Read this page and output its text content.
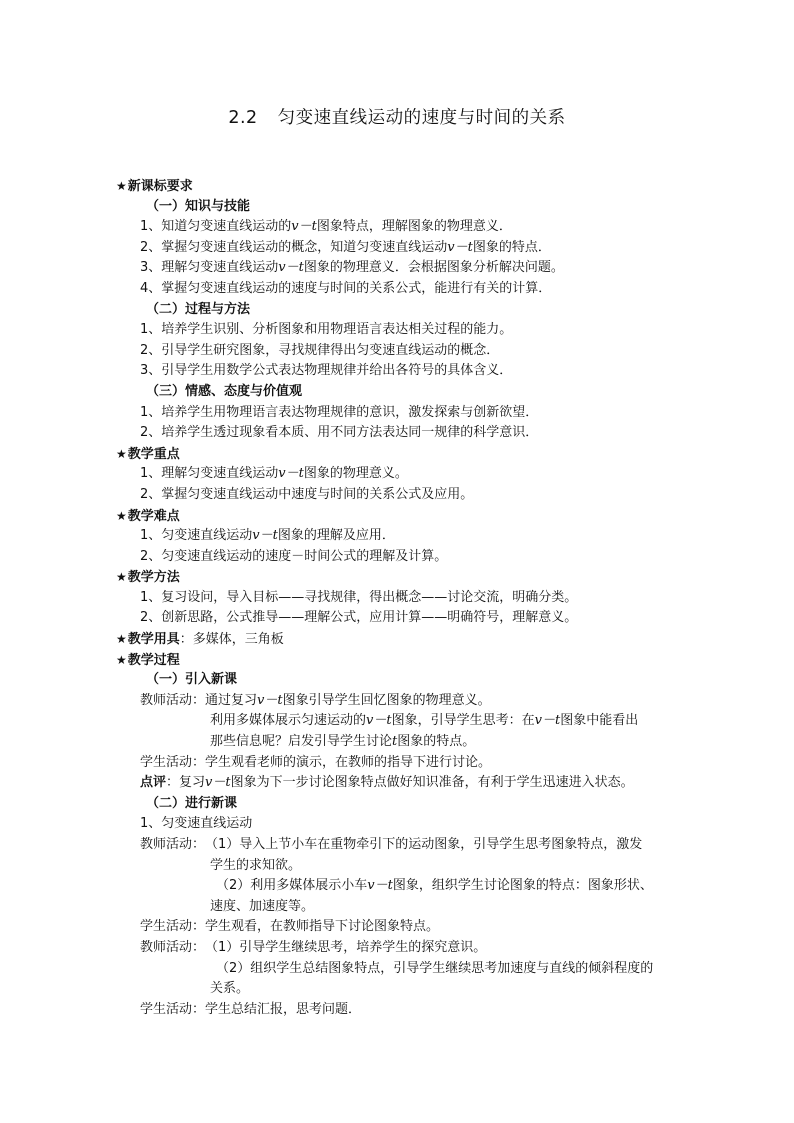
2.2 匀变速直线运动的速度与时间的关系
★新课标要求
（一）知识与技能
1、知道匀变速直线运动的v－t图象特点，理解图象的物理意义．
2、掌握匀变速直线运动的概念，知道匀变速直线运动v－t图象的特点．
3、理解匀变速直线运动v－t图象的物理意义．会根据图象分析解决问题。
4、掌握匀变速直线运动的速度与时间的关系公式，能进行有关的计算．
（二）过程与方法
1、培养学生识别、分析图象和用物理语言表达相关过程的能力。
2、引导学生研究图象，寻找规律得出匀变速直线运动的概念．
3、引导学生用数学公式表达物理规律并给出各符号的具体含义．
（三）情感、态度与价值观
1、培养学生用物理语言表达物理规律的意识，激发探索与创新欲望．
2、培养学生透过现象看本质、用不同方法表达同一规律的科学意识．
★教学重点
1、理解匀变速直线运动v－t图象的物理意义。
2、掌握匀变速直线运动中速度与时间的关系公式及应用。
★教学难点
1、匀变速直线运动v－t图象的理解及应用．
2、匀变速直线运动的速度－时间公式的理解及计算。
★教学方法
1、复习设问，导入目标——寻找规律，得出概念——讨论交流，明确分类。
2、创新思路，公式推导——理解公式，应用计算——明确符号，理解意义。
★教学用具：多媒体，三角板
★教学过程
（一）引入新课
教师活动：通过复习v－t图象引导学生回忆图象的物理意义。
利用多媒体展示匀速运动的v－t图象，引导学生思考：在v－t图象中能看出
那些信息呢？启发引导学生讨论t图象的特点。
学生活动：学生观看老师的演示，在教师的指导下进行讨论。
点评：复习v－t图象为下一步讨论图象特点做好知识准备，有利于学生迅速进入状态。
（二）进行新课
1、匀变速直线运动
教师活动：（1）导入上节小车在重物牵引下的运动图象，引导学生思考图象特点，激发
学生的求知欲。
（2）利用多媒体展示小车v－t图象，组织学生讨论图象的特点：图象形状、
速度、加速度等。
学生活动：学生观看，在教师指导下讨论图象特点。
教师活动：（1）引导学生继续思考，培养学生的探究意识。
（2）组织学生总结图象特点，引导学生继续思考加速度与直线的倾斜程度的
关系。
学生活动：学生总结汇报，思考问题．
